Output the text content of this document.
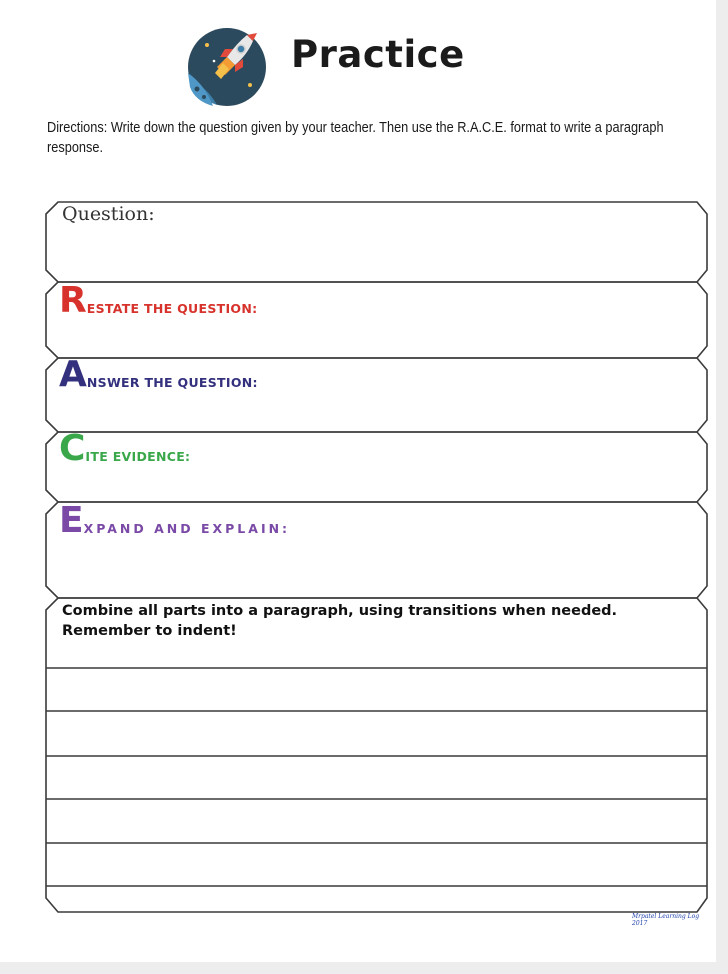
Practice
Directions: Write down the question given by your teacher. Then use the R.A.C.E. format to write a paragraph response.
Question:
R ESTATE THE QUESTION:
A NSWER THE QUESTION:
C ITE EVIDENCE:
E XPAND AND EXPLAIN:
Combine all parts into a paragraph, using transitions when needed.
Remember to indent!
Mrpatel Learning Log 2017
